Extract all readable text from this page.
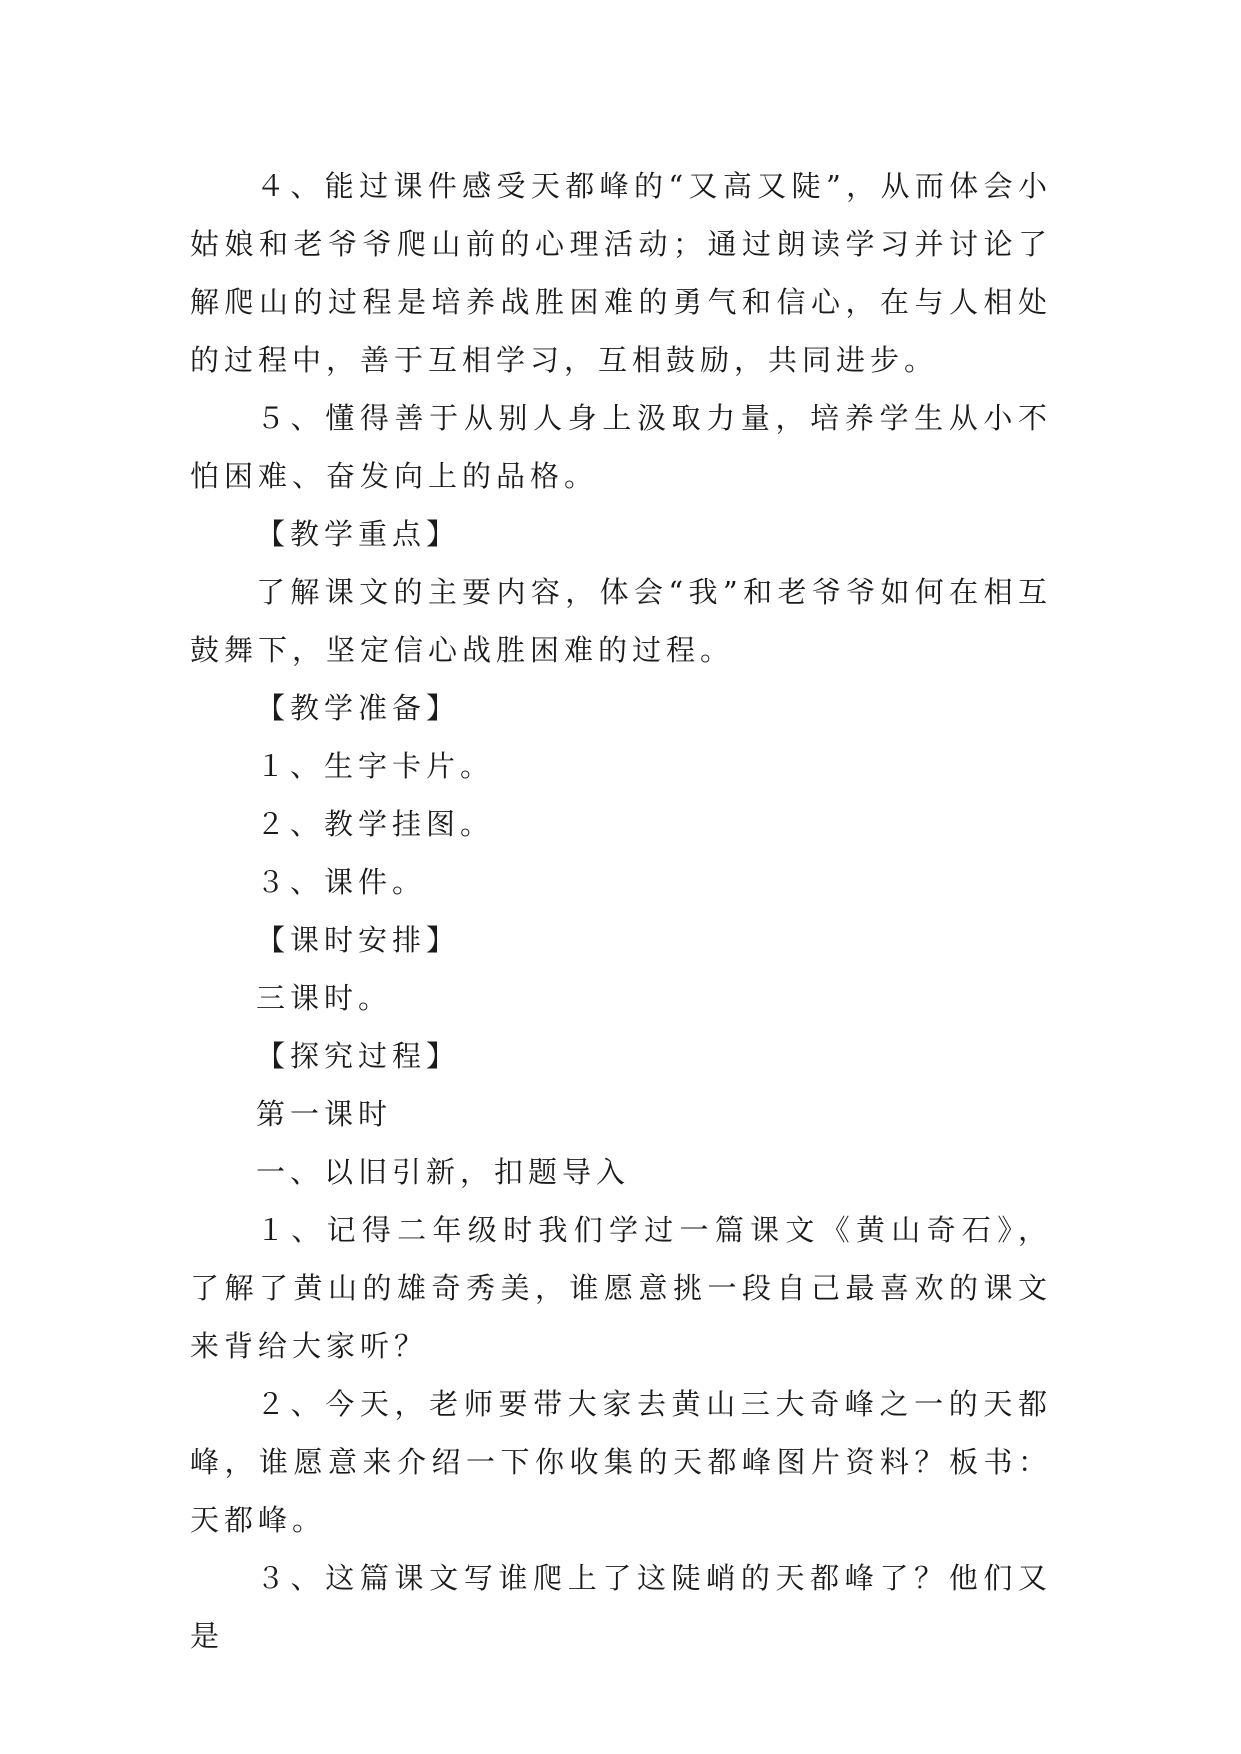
４、能过课件感受天都峰的“又高又陡”，从而体会小姑娘和老爷爷爬山前的心理活动；通过朗读学习并讨论了解爬山的过程是培养战胜困难的勇气和信心，在与人相处的过程中，善于互相学习，互相鼓励，共同进步。

５、懂得善于从别人身上汲取力量，培养学生从小不怕困难、奋发向上的品格。

【教学重点】

了解课文的主要内容，体会“我”和老爷爷如何在相互鼓舞下，坚定信心战胜困难的过程。

【教学准备】

１、生字卡片。

２、教学挂图。

３、课件。

【课时安排】

三课时。

【探究过程】

第一课时

一、以旧引新，扣题导入

１、记得二年级时我们学过一篇课文《黄山奇石》，了解了黄山的雄奇秀美，谁愿意挑一段自己最喜欢的课文来背给大家听？

２、今天，老师要带大家去黄山三大奇峰之一的天都峰，谁愿意来介绍一下你收集的天都峰图片资料？板书：天都峰。

３、这篇课文写谁爬上了这陡峭的天都峰了？他们又是
